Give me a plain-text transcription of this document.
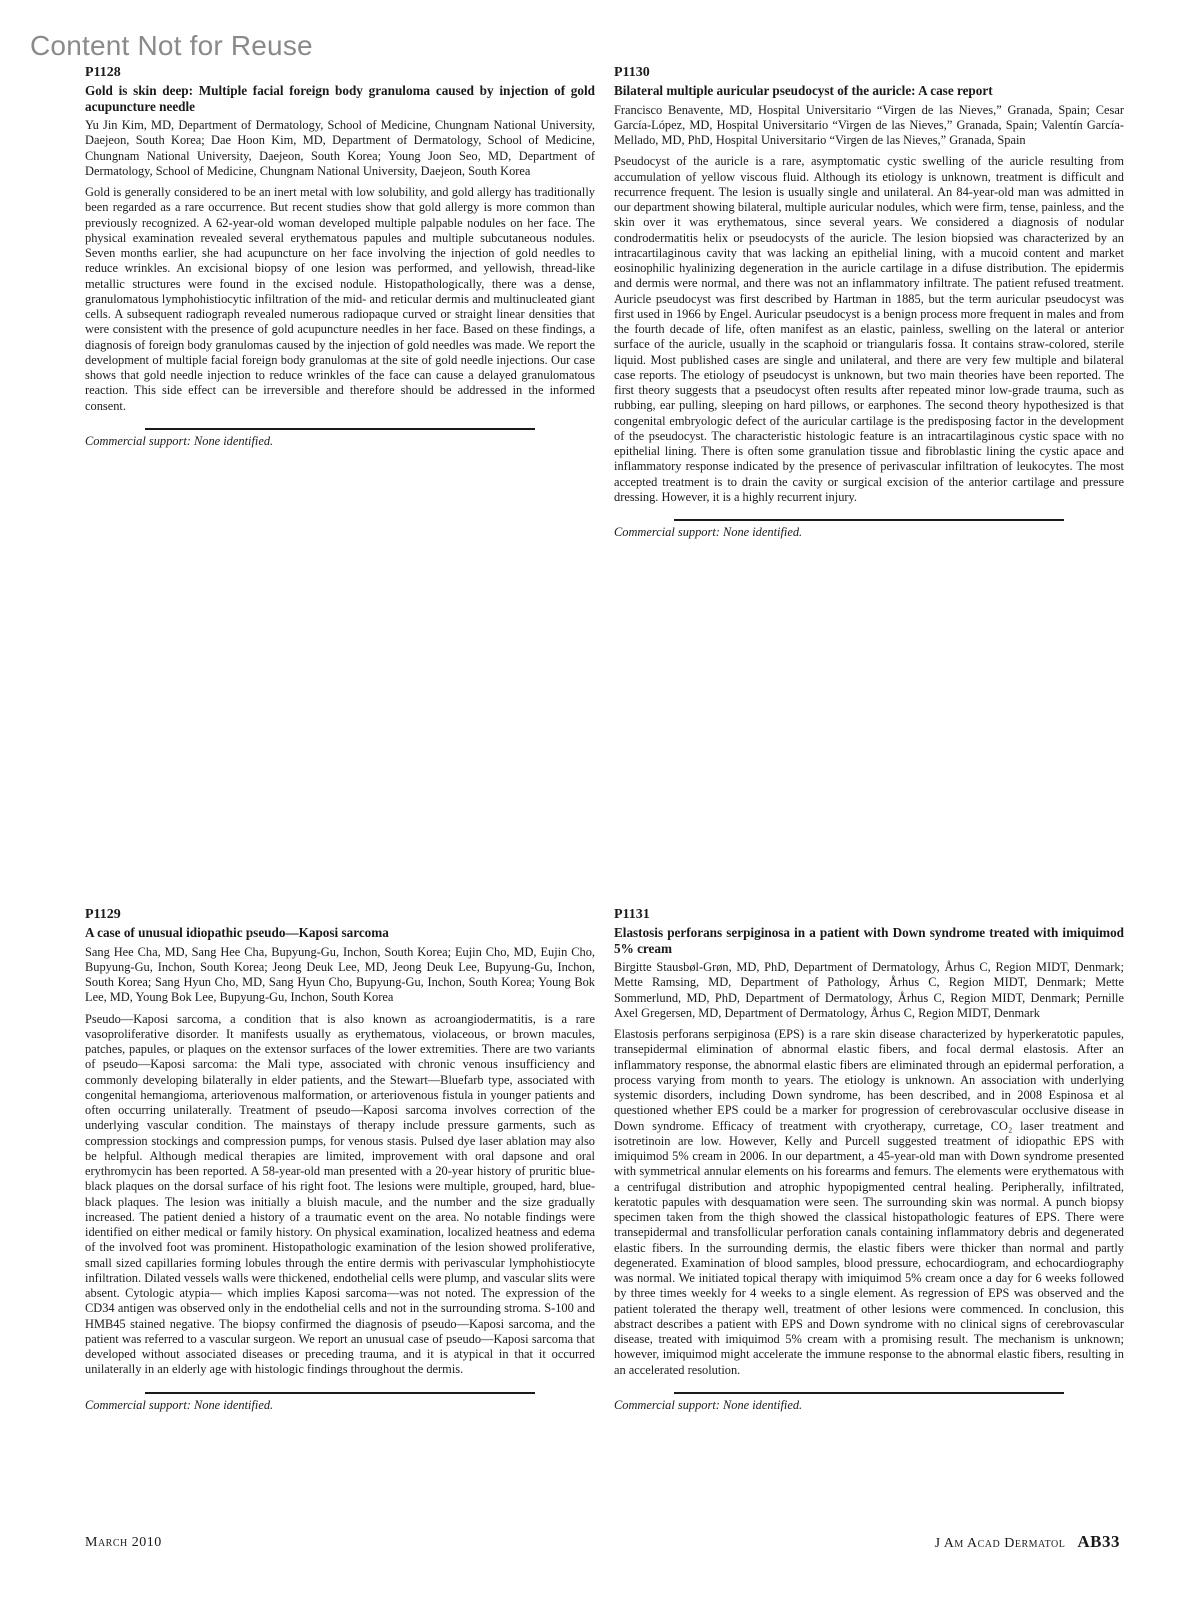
Content Not for Reuse

P1128

Gold is skin deep: Multiple facial foreign body granuloma caused by injection of gold acupuncture needle

Yu Jin Kim, MD, Department of Dermatology, School of Medicine, Chungnam National University, Daejeon, South Korea; Dae Hoon Kim, MD, Department of Dermatology, School of Medicine, Chungnam National University, Daejeon, South Korea; Young Joon Seo, MD, Department of Dermatology, School of Medicine, Chungnam National University, Daejeon, South Korea

Gold is generally considered to be an inert metal with low solubility, and gold allergy has traditionally been regarded as a rare occurrence. But recent studies show that gold allergy is more common than previously recognized. A 62-year-old woman developed multiple palpable nodules on her face. The physical examination revealed several erythematous papules and multiple subcutaneous nodules. Seven months earlier, she had acupuncture on her face involving the injection of gold needles to reduce wrinkles. An excisional biopsy of one lesion was performed, and yellowish, thread-like metallic structures were found in the excised nodule. Histopathologically, there was a dense, granulomatous lymphohistiocytic infiltration of the mid- and reticular dermis and multinucleated giant cells. A subsequent radiograph revealed numerous radiopaque curved or straight linear densities that were consistent with the presence of gold acupuncture needles in her face. Based on these findings, a diagnosis of foreign body granulomas caused by the injection of gold needles was made. We report the development of multiple facial foreign body granulomas at the site of gold needle injections. Our case shows that gold needle injection to reduce wrinkles of the face can cause a delayed granulomatous reaction. This side effect can be irreversible and therefore should be addressed in the informed consent.

Commercial support: None identified.

P1130

Bilateral multiple auricular pseudocyst of the auricle: A case report

Francisco Benavente, MD, Hospital Universitario “Virgen de las Nieves,” Granada, Spain; Cesar García-López, MD, Hospital Universitario “Virgen de las Nieves,” Granada, Spain; Valentín García-Mellado, MD, PhD, Hospital Universitario “Virgen de las Nieves,” Granada, Spain

Pseudocyst of the auricle is a rare, asymptomatic cystic swelling of the auricle resulting from accumulation of yellow viscous fluid. Although its etiology is unknown, treatment is difficult and recurrence frequent. The lesion is usually single and unilateral. An 84-year-old man was admitted in our department showing bilateral, multiple auricular nodules, which were firm, tense, painless, and the skin over it was erythematous, since several years. We considered a diagnosis of nodular condrodermatitis helix or pseudocysts of the auricle. The lesion biopsied was characterized by an intracartilaginous cavity that was lacking an epithelial lining, with a mucoid content and market eosinophilic hyalinizing degeneration in the auricle cartilage in a difuse distribution. The epidermis and dermis were normal, and there was not an inflammatory infiltrate. The patient refused treatment. Auricle pseudocyst was first described by Hartman in 1885, but the term auricular pseudocyst was first used in 1966 by Engel. Auricular pseudocyst is a benign process more frequent in males and from the fourth decade of life, often manifest as an elastic, painless, swelling on the lateral or anterior surface of the auricle, usually in the scaphoid or triangularis fossa. It contains straw-colored, sterile liquid. Most published cases are single and unilateral, and there are very few multiple and bilateral case reports. The etiology of pseudocyst is unknown, but two main theories have been reported. The first theory suggests that a pseudocyst often results after repeated minor low-grade trauma, such as rubbing, ear pulling, sleeping on hard pillows, or earphones. The second theory hypothesized is that congenital embryologic defect of the auricular cartilage is the predisposing factor in the development of the pseudocyst. The characteristic histologic feature is an intracartilaginous cystic space with no epithelial lining. There is often some granulation tissue and fibroblastic lining the cystic apace and inflammatory response indicated by the presence of perivascular infiltration of leukocytes. The most accepted treatment is to drain the cavity or surgical excision of the anterior cartilage and pressure dressing. However, it is a highly recurrent injury.

Commercial support: None identified.

P1129

A case of unusual idiopathic pseudo—Kaposi sarcoma

Sang Hee Cha, MD, Sang Hee Cha, Bupyung-Gu, Inchon, South Korea; Eujin Cho, MD, Eujin Cho, Bupyung-Gu, Inchon, South Korea; Jeong Deuk Lee, MD, Jeong Deuk Lee, Bupyung-Gu, Inchon, South Korea; Sang Hyun Cho, MD, Sang Hyun Cho, Bupyung-Gu, Inchon, South Korea; Young Bok Lee, MD, Young Bok Lee, Bupyung-Gu, Inchon, South Korea

Pseudo—Kaposi sarcoma, a condition that is also known as acroangiodermatitis, is a rare vasoproliferative disorder. It manifests usually as erythematous, violaceous, or brown macules, patches, papules, or plaques on the extensor surfaces of the lower extremities. There are two variants of pseudo—Kaposi sarcoma: the Mali type, associated with chronic venous insufficiency and commonly developing bilaterally in elder patients, and the Stewart—Bluefarb type, associated with congenital hemangioma, arteriovenous malformation, or arteriovenous fistula in younger patients and often occurring unilaterally. Treatment of pseudo—Kaposi sarcoma involves correction of the underlying vascular condition. The mainstays of therapy include pressure garments, such as compression stockings and compression pumps, for venous stasis. Pulsed dye laser ablation may also be helpful. Although medical therapies are limited, improvement with oral dapsone and oral erythromycin has been reported. A 58-year-old man presented with a 20-year history of pruritic blue-black plaques on the dorsal surface of his right foot. The lesions were multiple, grouped, hard, blue-black plaques. The lesion was initially a bluish macule, and the number and the size gradually increased. The patient denied a history of a traumatic event on the area. No notable findings were identified on either medical or family history. On physical examination, localized heatness and edema of the involved foot was prominent. Histopathologic examination of the lesion showed proliferative, small sized capillaries forming lobules through the entire dermis with perivascular lymphohistiocyte infiltration. Dilated vessels walls were thickened, endothelial cells were plump, and vascular slits were absent. Cytologic atypia— which implies Kaposi sarcoma—was not noted. The expression of the CD34 antigen was observed only in the endothelial cells and not in the surrounding stroma. S-100 and HMB45 stained negative. The biopsy confirmed the diagnosis of pseudo—Kaposi sarcoma, and the patient was referred to a vascular surgeon. We report an unusual case of pseudo—Kaposi sarcoma that developed without associated diseases or preceding trauma, and it is atypical in that it occurred unilaterally in an elderly age with histologic findings throughout the dermis.

Commercial support: None identified.

P1131

Elastosis perforans serpiginosa in a patient with Down syndrome treated with imiquimod 5% cream

Birgitte Stausbøl-Grøn, MD, PhD, Department of Dermatology, Århus C, Region MIDT, Denmark; Mette Ramsing, MD, Department of Pathology, Århus C, Region MIDT, Denmark; Mette Sommerlund, MD, PhD, Department of Dermatology, Århus C, Region MIDT, Denmark; Pernille Axel Gregersen, MD, Department of Dermatology, Århus C, Region MIDT, Denmark

Elastosis perforans serpiginosa (EPS) is a rare skin disease characterized by hyperkeratotic papules, transepidermal elimination of abnormal elastic fibers, and focal dermal elastosis. After an inflammatory response, the abnormal elastic fibers are eliminated through an epidermal perforation, a process varying from month to years. The etiology is unknown. An association with underlying systemic disorders, including Down syndrome, has been described, and in 2008 Espinosa et al questioned whether EPS could be a marker for progression of cerebrovascular occlusive disease in Down syndrome. Efficacy of treatment with cryotherapy, curretage, CO₂ laser treatment and isotretinoin are low. However, Kelly and Purcell suggested treatment of idiopathic EPS with imiquimod 5% cream in 2006. In our department, a 45-year-old man with Down syndrome presented with symmetrical annular elements on his forearms and femurs. The elements were erythematous with a centrifugal distribution and atrophic hypopigmented central healing. Peripherally, infiltrated, keratotic papules with desquamation were seen. The surrounding skin was normal. A punch biopsy specimen taken from the thigh showed the classical histopathologic features of EPS. There were transepidermal and transfollicular perforation canals containing inflammatory debris and degenerated elastic fibers. In the surrounding dermis, the elastic fibers were thicker than normal and partly degenerated. Examination of blood samples, blood pressure, echocardiogram, and echocardiography was normal. We initiated topical therapy with imiquimod 5% cream once a day for 6 weeks followed by three times weekly for 4 weeks to a single element. As regression of EPS was observed and the patient tolerated the therapy well, treatment of other lesions were commenced. In conclusion, this abstract describes a patient with EPS and Down syndrome with no clinical signs of cerebrovascular disease, treated with imiquimod 5% cream with a promising result. The mechanism is unknown; however, imiquimod might accelerate the immune response to the abnormal elastic fibers, resulting in an accelerated resolution.

Commercial support: None identified.

March 2010	J Am Acad Dermatol AB33
